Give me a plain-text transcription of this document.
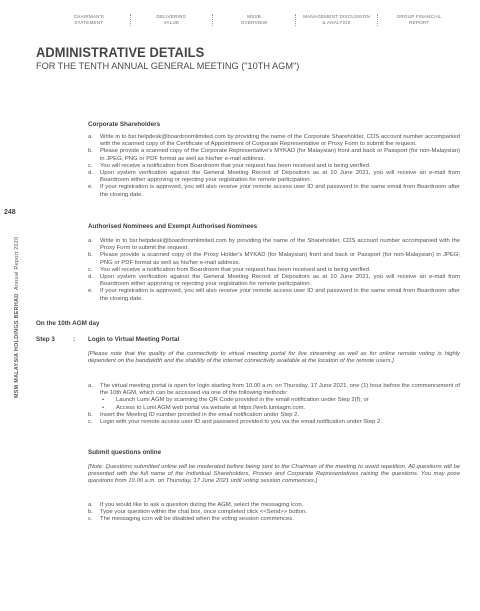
CHAIRMAN'S
STATEMENT
DELIVERING
VALUE
MSSB
OVERVIEW
MANAGEMENT DISCUSSION
& ANALYSIS
GROUP FINANCIAL
REPORT
ADMINISTRATIVE DETAILS
FOR THE TENTH ANNUAL GENERAL MEETING ("10TH AGM")
248
MSM MALAYSIA HOLDINGS BERHAD  Annual Report 2020
Corporate Shareholders
a.	Write in to bsr.helpdesk@boardroomlimited.com by providing the name of the Corporate Shareholder, CDS account number accompanied with the scanned copy of the Certificate of Appointment of Corporate Representative or Proxy Form to submit the request.
b.	Please provide a scanned copy of the Corporate Representative's MYKAD (for Malaysian) front and back or Passport (for non-Malaysian) in JPEG, PNG or PDF format as well as his/her e-mail address.
c.	You will receive a notification from Boardroom that your request has been received and is being verified.
d.	Upon system verification against the General Meeting Record of Depositors as at 10 June 2021, you will receive an e-mail from Boardroom either approving or rejecting your registration for remote participation.
e.	If your registration is approved, you will also receive your remote access user ID and password in the same email from Boardroom after the closing date.
Authorised Nominees and Exempt Authorised Nominees
a.	Write in to bsr.helpdesk@boardroomlimited.com by providing the name of the Shareholder, CDS account number accompanied with the Proxy Form to submit the request.
b.	Please provide a scanned copy of the Proxy Holder's MYKAD (for Malaysian) front and back or Passport (for non-Malaysian) in JPEG, PNG or PDF format as well as his/her e-mail address.
c.	You will receive a notification from Boardroom that your request has been received and is being verified.
d.	Upon system verification against the General Meeting Record of Depositors as at 10 June 2021, you will receive an e-mail from Boardroom either approving or rejecting your registration for remote participation.
e.	If your registration is approved, you will also receive your remote access user ID and password in the same email from Boardroom after the closing date.
On the 10th AGM day
Step 3	: Login to Virtual Meeting Portal
[Please note that the quality of the connectivity to virtual meeting portal for live streaming as well as for online remote voting is highly dependent on the bandwidth and the stability of the internet connectivity available at the location of the remote users.]
a.	The virtual meeting portal is open for login starting from 10.00 a.m. on Thursday, 17 June 2021, one (1) hour before the commencement of the 10th AGM, which can be accessed via one of the following methods:
•	Launch Lumi AGM by scanning the QR Code provided in the email notification under Step 2(f); or
•	Access to Lumi AGM web portal via website at https://web.lumiagm.com.
b.	Insert the Meeting ID number provided in the email notification under Step 2.
c.	Login with your remote access user ID and password provided to you via the email notification under Step 2.
Submit questions online
[Note: Questions submitted online will be moderated before being sent to the Chairman of the meeting to avoid repetition. All questions will be presented with the full name of the Individual Shareholders, Proxies and Corporate Representatives raising the questions. You may pose questions from 10.00 a.m. on Thursday, 17 June 2021 until voting session commences.]
a.	If you would like to ask a question during the AGM, select the messaging icon.
b.	Type your question within the chat box, once completed click <<Send>> button.
c.	The messaging icon will be disabled when the voting session commences.
